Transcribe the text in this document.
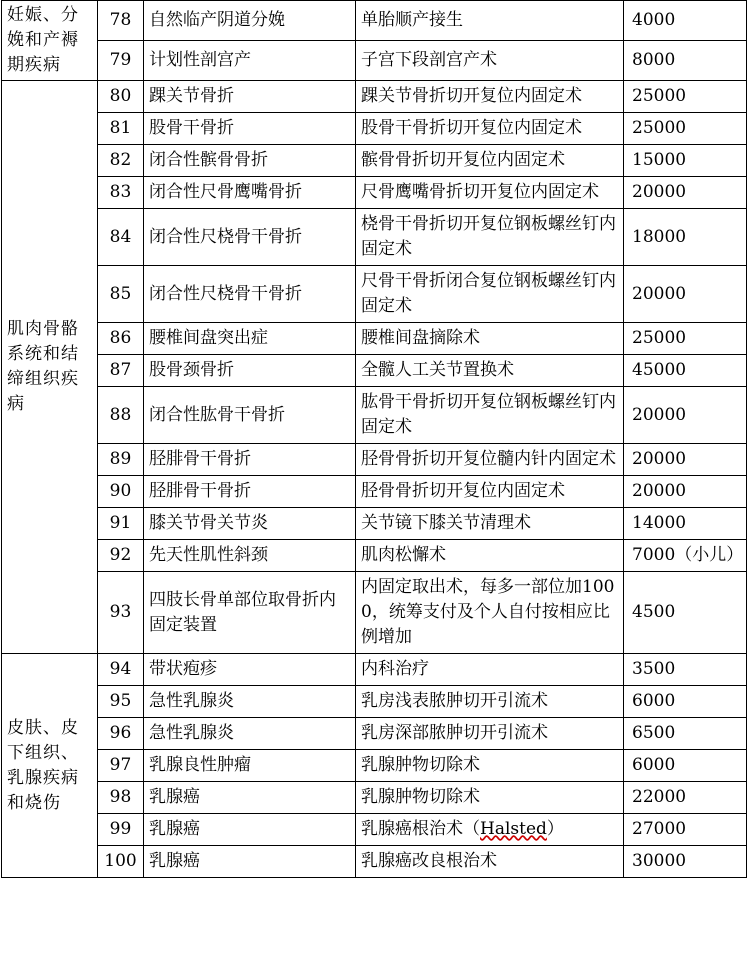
妊娠、分娩和产褥期疾病	78	自然临产阴道分娩	单胎顺产接生	4000
	79	计划性剖宫产	子宫下段剖宫产术	8000
肌肉骨骼系统和结缔组织疾病	80	踝关节骨折	踝关节骨折切开复位内固定术	25000
	81	股骨干骨折	股骨干骨折切开复位内固定术	25000
	82	闭合性髌骨骨折	髌骨骨折切开复位内固定术	15000
	83	闭合性尺骨鹰嘴骨折	尺骨鹰嘴骨折切开复位内固定术	20000
	84	闭合性尺桡骨干骨折	桡骨干骨折切开复位钢板螺丝钉内固定术	18000
	85	闭合性尺桡骨干骨折	尺骨干骨折闭合复位钢板螺丝钉内固定术	20000
	86	腰椎间盘突出症	腰椎间盘摘除术	25000
	87	股骨颈骨折	全髋人工关节置换术	45000
	88	闭合性肱骨干骨折	肱骨干骨折切开复位钢板螺丝钉内固定术	20000
	89	胫腓骨干骨折	胫骨骨折切开复位髓内针内固定术	20000
	90	胫腓骨干骨折	胫骨骨折切开复位内固定术	20000
	91	膝关节骨关节炎	关节镜下膝关节清理术	14000
	92	先天性肌性斜颈	肌肉松懈术	7000（小儿）
	93	四肢长骨单部位取骨折内固定装置	内固定取出术，每多一部位加1000，统筹支付及个人自付按相应比例增加	4500
皮肤、皮下组织、乳腺疾病和烧伤	94	带状疱疹	内科治疗	3500
	95	急性乳腺炎	乳房浅表脓肿切开引流术	6000
	96	急性乳腺炎	乳房深部脓肿切开引流术	6500
	97	乳腺良性肿瘤	乳腺肿物切除术	6000
	98	乳腺癌	乳腺肿物切除术	22000
	99	乳腺癌	乳腺癌根治术（Halsted）	27000
	100	乳腺癌	乳腺癌改良根治术	30000
